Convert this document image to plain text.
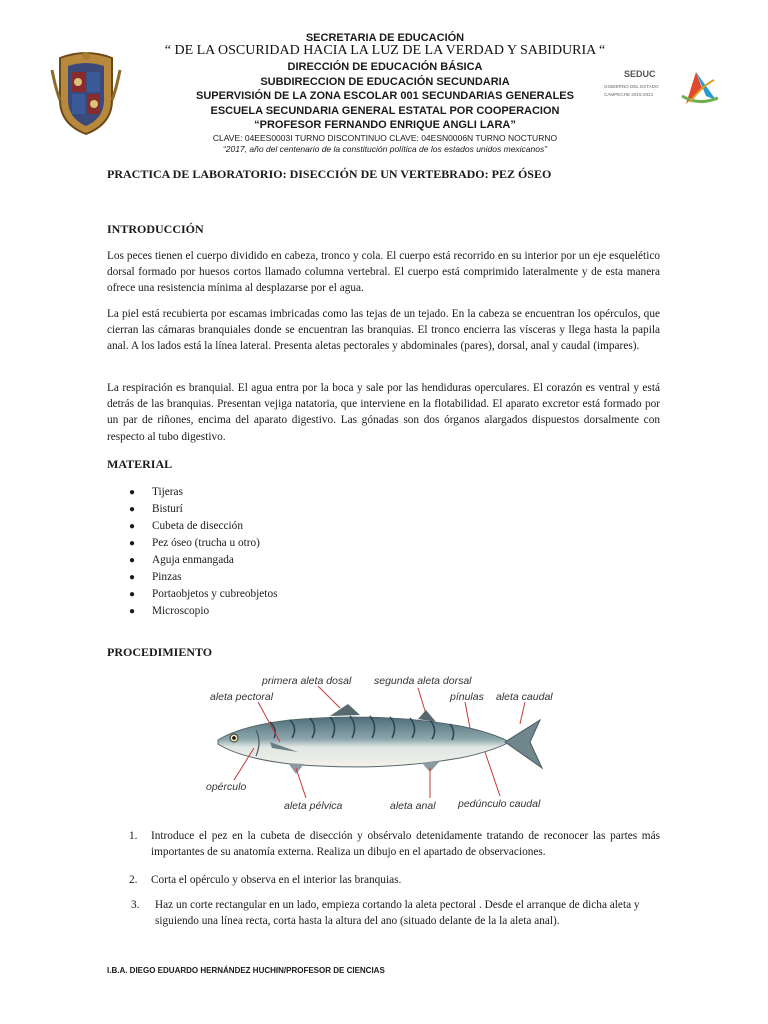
SECRETARIA DE EDUCACIÓN
“ DE LA OSCURIDAD HACIA LA LUZ DE LA VERDAD Y SABIDURIA “
DIRECCIÓN DE EDUCACIÓN BÁSICA
SUBDIRECCION DE EDUCACIÓN SECUNDARIA
SUPERVISIÓN DE LA ZONA ESCOLAR 001 SECUNDARIAS GENERALES
ESCUELA SECUNDARIA GENERAL ESTATAL POR COOPERACION
“PROFESOR FERNANDO ENRIQUE ANGLI LARA”
CLAVE: 04EES0003I TURNO DISCONTINUO CLAVE: 04ESN0006N TURNO NOCTURNO
“2017, año del centenario de la constitución política de los estados unidos mexicanos”
SEDUC
GOBIERNO DEL ESTADO
CAMPECHE 2015-2021
PRACTICA DE LABORATORIO: DISECCIÓN DE UN VERTEBRADO: PEZ ÓSEO
INTRODUCCIÓN
Los peces tienen el cuerpo dividido en cabeza, tronco y cola. El cuerpo está recorrido en su interior por un eje esquelético dorsal formado por huesos cortos llamado columna vertebral. El cuerpo está comprimido lateralmente y de esta manera ofrece una resistencia mínima al desplazarse por el agua.
La piel está recubierta por escamas imbricadas como las tejas de un tejado. En la cabeza se encuentran los opérculos, que cierran las cámaras branquiales donde se encuentran las branquias. El tronco encierra las vísceras y llega hasta la papila anal. A los lados está la línea lateral. Presenta aletas pectorales y abdominales (pares), dorsal, anal y caudal (impares).
La respiración es branquial. El agua entra por la boca y sale por las hendiduras operculares. El corazón es ventral y está detrás de las branquias. Presentan vejiga natatoria, que interviene en la flotabilidad. El aparato excretor está formado por un par de riñones, encima del aparato digestivo. Las gónadas son dos órganos alargados dispuestos dorsalmente con respecto al tubo digestivo.
MATERIAL
● Tijeras
● Bisturí
● Cubeta de disección
● Pez óseo (trucha u otro)
● Aguja enmangada
● Pinzas
● Portaobjetos y cubreobjetos
● Microscopio
PROCEDIMIENTO
primera aleta dosal segunda aleta dorsal
aleta pectoral	pínulas aleta caudal
opérculo
aleta pélvica	aleta anal pedúnculo caudal
1. Introduce el pez en la cubeta de disección y obsérvalo detenidamente tratando de reconocer las partes más importantes de su anatomía externa. Realiza un dibujo en el apartado de observaciones.
2. Corta el opérculo y observa en el interior las branquias.
3. Haz un corte rectangular en un lado, empieza cortando la aleta pectoral . Desde el arranque de dicha aleta y siguiendo una línea recta, corta hasta la altura del ano (situado delante de la la aleta anal).
I.B.A. DIEGO EDUARDO HERNÁNDEZ HUCHIN/PROFESOR DE CIENCIAS
